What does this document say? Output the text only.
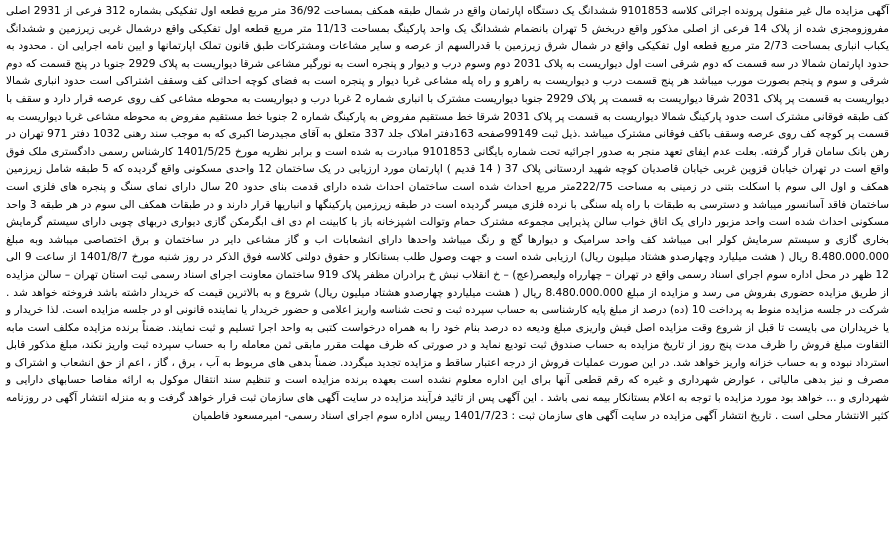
آگهی مزایده مال غیر منقول پرونده اجرائی کلاسه 9101853 ششدانگ یک دستگاه اپارتمان واقع در شمال طبقه همکف بمساحت 36/92 متر مربع قطعه اول تفکیکی بشماره 312 فرعی از 2931 اصلی مفروزومجزی شده از پلاک 14 فرعی از اصلی مذکور واقع دربخش 5 تهران بانضمام ششدانگ یک واحد پارکینگ بمساحت 11/13 متر مربع قطعه اول تفکیکی واقع درشمال غربی زیرزمین و ششدانگ یکباب انباری بمساحت 2/73 متر مربع قطعه اول تفکیکی واقع در شمال شرق زیرزمین با قدرالسهم از عرصه و سایر مشاعات ومشترکات طبق قانون تملک اپارتمانها و ایین نامه اجرایی ان . محدود به حدود اپارتمان شمالا در سه قسمت که دوم شرقی است اول دیواریست به پلاک 2031 دوم وسوم درب و دیوار و پنجره است به نورگیر مشاعی شرقا دیواریست به پلاک 2929 جنوبا در پنج قسمت که دوم شرقی و سوم و پنجم بصورت مورب میباشد هر پنج قسمت درب و دیواریست به راهرو و راه پله مشاعی غربا دیوار و پنجره است به فضای کوچه احداثی کف وسقف اشتراکی است حدود انباری شمالا دیواریست به قسمت پر پلاک 2031 شرقا دیواریست به قسمت پر پلاک 2929 جنوبا دیواریست مشترک با انباری شماره 2 غربا درب و دیواریست به محوطه مشاعی کف روی عرصه قرار دارد و سقف با کف طبقه فوقانی مشترک است حدود پارکینگ شمالا دیواریست به قسمت پر پلاک 2031 شرقا خط مستقیم مفروض به پارکینگ شماره 2 جنوبا خط مستقیم مفروض به محوطه مشاعی غربا دیواریست به قسمت پر کوچه کف روی عرصه وسقف باکف فوقانی مشترک میباشد .ذیل ثبت 99149صفحه 163دفتر املاک جلد 337 متعلق به آقای مجیدرضا اکبری که به موجب سند رهنی 1032 دفتر 971 تهران در رهن بانک سامان قرار گرفته. بعلت عدم ایفای تعهد منجر به صدور اجرائیه تحت شماره بایگانی 9101853 مبادرت به شده است و برابر نظریه مورخ 1401/5/25 کارشناس رسمی دادگستری ملک فوق واقع است در تهران خیابان قزوین غربی خیابان قاصدیان کوچه شهید اردستانی پلاک 37 ( 14 قدیم ) اپارتمان مورد ارزیابی در یک ساختمان 12 واحدی مسکونی واقع گردیده که 5 طبقه شامل زیرزمین همکف و اول الی سوم با اسکلت بتنی در زمینی به مساحت 222/75متر مربع احداث شده است ساختمان احداث شده دارای قدمت بنای حدود 20 سال دارای نمای سنگ و پنجره های فلزی است ساختمان فاقد آسانسور میباشد و دسترسی به طبقات با راه پله سنگی با نرده فلزی میسر گردیده است در طبقه زیرزمین پارکینگها و انباریها قرار دارند و در طبقات همکف الی سوم در هر طبقه 3 واحد مسکونی احداث شده است واحد مزبور دارای یک اتاق خواب سالن پذیرایی مجموعه مشترک حمام وتوالت اشپزخانه باز با کابینت ام دی اف ابگرمکن گازی دیواری دربهای چوبی دارای سیستم گرمایش بخاری گازی و سیستم سرمایش کولر ابی میباشد کف واحد سرامیک و دیوارها گچ و رنگ میباشد واحدها دارای انشعابات اب و گاز مشاعی دایر در ساختمان و برق اختصاصی میباشد وبه مبلغ 8.480.000.000 ریال ( هشت میلیارد وچهارصدو هشتاد میلیون ریال) ارزیابی شده است و جهت وصول طلب بستانکار و حقوق دولتی کلاسه فوق الذکر در روز شنبه مورخ 1401/8/7 از ساعت 9 الی 12 ظهر در محل اداره سوم اجرای اسناد رسمی واقع در تهران – چهارراه ولیعصر(عج) – خ انقلاب نبش خ برادران مظفر پلاک 919 ساختمان معاونت اجرای اسناد رسمی ثبت استان تهران – سالن مزایده از طریق مزایده حضوری بفروش می رسد و مزایده از مبلغ 8.480.000.000 ریال ( هشت میلیاردو چهارصدو هشتاد میلیون ریال) شروع و به بالاترین قیمت که خریدار داشته باشد فروخته خواهد شد . شرکت در جلسه مزایده منوط به پرداخت 10 (ده) درصد از مبلغ پایه کارشناسی به حساب سپرده ثبت و تحت شناسه واریز اعلامی و حضور خریدار یا نماینده قانونی او در جلسه مزایده است. لذا خریدار و یا خریداران می بایست تا قبل از شروع وقت مزایده اصل فیش واریزی مبلغ ودیعه ده درصد بنام خود را به همراه درخواست کتبی به واحد اجرا تسلیم و ثبت نمایند. ضمناً برنده مزایده مکلف است مابه التفاوت مبلغ فروش را ظرف مدت پنج روز از تاریخ مزایده به حساب صندوق ثبت تودیع نماید و در صورتی که ظرف مهلت مقرر مابقی ثمن معامله را به حساب سپرده ثبت واریز نکند، مبلغ مذکور قابل استرداد نبوده و به حساب خزانه واریز خواهد شد. در این صورت عملیات فروش از درجه اعتبار ساقط و مزایده تجدید میگردد. ضمناً بدهی های مربوط به آب ، برق ، گاز ، اعم از حق انشعاب و اشتراک و مصرف و نیز بدهی مالیاتی ، عوارض شهرداری و غیره که رقم قطعی آنها برای این اداره معلوم نشده است بعهده برنده مزایده است و تنظیم سند انتقال موکول به ارائه مفاصا حسابهای دارایی و شهرداری و ... خواهد بود مورد مزایده با توجه به اعلام بستانکار بیمه نمی باشد . این آگهی پس از تائید فرآیند مزایده در سایت آگهی های سازمان ثبت قرار خواهد گرفت و به منزله انتشار آگهی در روزنامه کثیر الانتشار محلی است . تاریخ انتشار آگهی مزایده در سایت آگهی های سازمان ثبت : 1401/7/23 رییس اداره سوم اجرای اسناد رسمی- امیرمسعود فاطمیان
